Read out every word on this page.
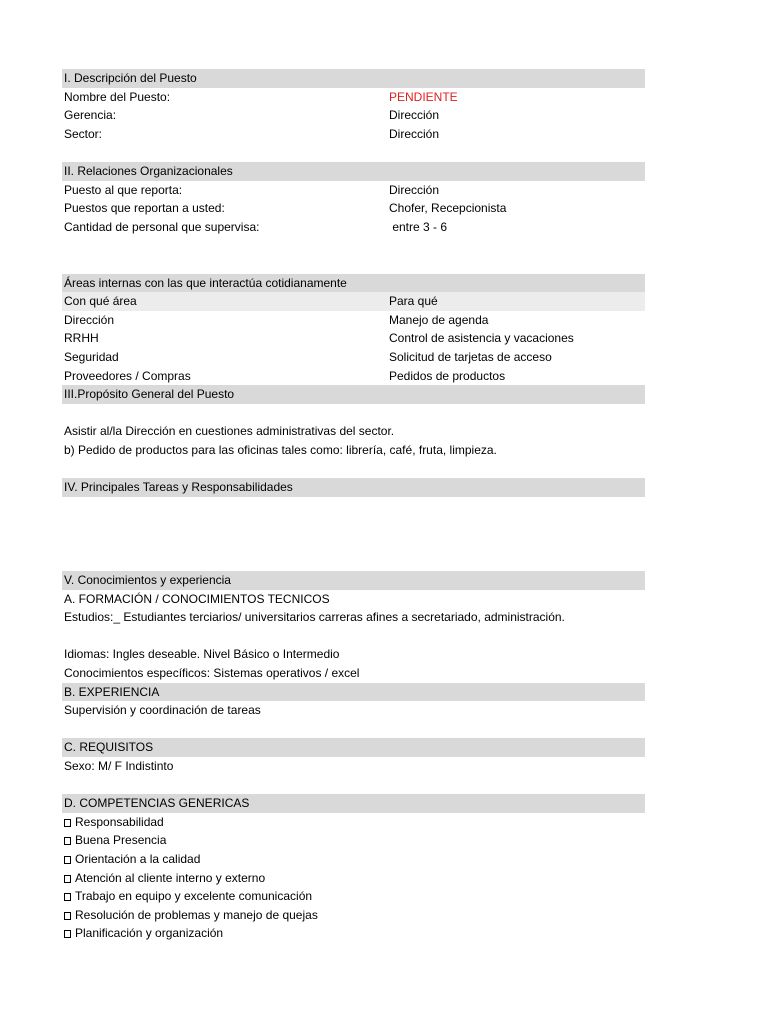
I. Descripción del Puesto
Nombre del Puesto:	PENDIENTE
Gerencia:	Dirección
Sector:	Dirección
II. Relaciones Organizacionales
Puesto al que reporta:	Dirección
Puestos que reportan a usted:	Chofer, Recepcionista
Cantidad de personal que supervisa:	entre 3 - 6
Áreas internas con las que interactúa cotidianamente
Con qué área	Para qué
Dirección	Manejo de agenda
RRHH	Control de asistencia y vacaciones
Seguridad	Solicitud de tarjetas de acceso
Proveedores / Compras	Pedidos de productos
III.Propósito General del Puesto
Asistir al/la Dirección en cuestiones administrativas del sector.
b) Pedido de productos para las oficinas tales como: librería, café, fruta, limpieza.
IV. Principales Tareas y Responsabilidades
V. Conocimientos y experiencia
A. FORMACIÓN / CONOCIMIENTOS TECNICOS
Estudios:_ Estudiantes terciarios/ universitarios carreras afines a secretariado, administración.
Idiomas: Ingles deseable. Nivel Básico o Intermedio
Conocimientos específicos: Sistemas operativos / excel
B. EXPERIENCIA
Supervisión y coordinación de tareas
C. REQUISITOS
Sexo: M/ F Indistinto
D. COMPETENCIAS GENERICAS
Responsabilidad
Buena Presencia
Orientación a la calidad
Atención al cliente interno y externo
Trabajo en equipo y excelente comunicación
Resolución de problemas y manejo de quejas
Planificación y organización
